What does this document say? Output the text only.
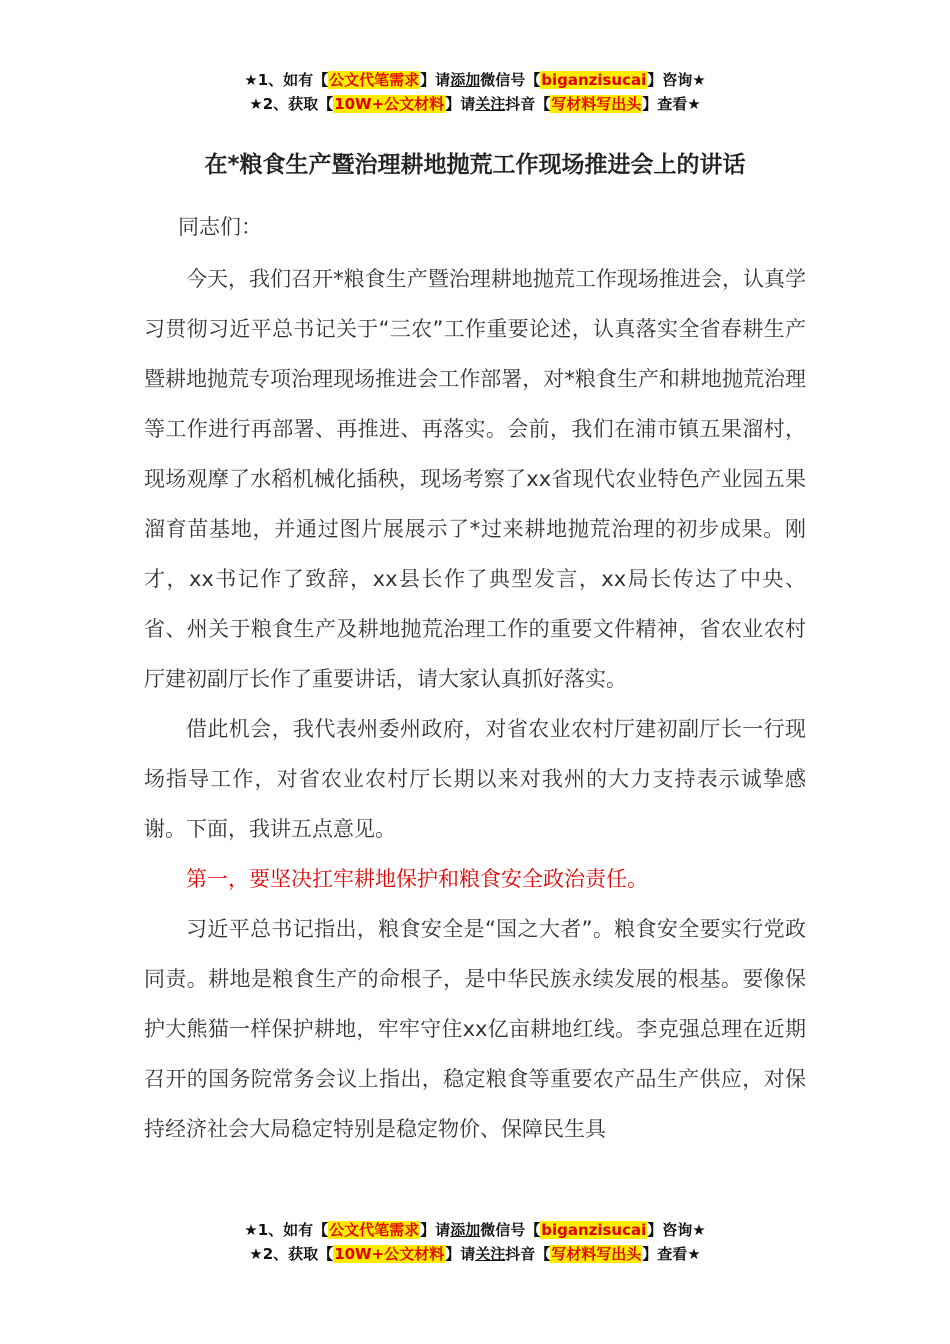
★1、如有【公文代笔需求】请添加微信号【biganzisucai】咨询★
★2、获取【10W+公文材料】请关注抖音【写材料写出头】查看★
在*粮食生产暨治理耕地抛荒工作现场推进会上的讲话
同志们：

今天，我们召开*粮食生产暨治理耕地抛荒工作现场推进会，认真学习贯彻习近平总书记关于“三农”工作重要论述，认真落实全省春耕生产暨耕地抛荒专项治理现场推进会工作部署，对*粮食生产和耕地抛荒治理等工作进行再部署、再推进、再落实。会前，我们在浦市镇五果溜村，现场观摩了水稻机械化插秧，现场考察了xx省现代农业特色产业园五果溜育苗基地，并通过图片展展示了*过来耕地抛荒治理的初步成果。刚才，xx书记作了致辞，xx县长作了典型发言，xx局长传达了中央、省、州关于粮食生产及耕地抛荒治理工作的重要文件精神，省农业农村厅建初副厅长作了重要讲话，请大家认真抓好落实。

借此机会，我代表州委州政府，对省农业农村厅建初副厅长一行现场指导工作，对省农业农村厅长期以来对我州的大力支持表示诚挚感谢。下面，我讲五点意见。

第一，要坚决扛牢耕地保护和粮食安全政治责任。

习近平总书记指出，粮食安全是“国之大者”。粮食安全要实行党政同责。耕地是粮食生产的命根子，是中华民族永续发展的根基。要像保护大熊猫一样保护耕地，牢牢守住xx亿亩耕地红线。李克强总理在近期召开的国务院常务会议上指出，稳定粮食等重要农产品生产供应，对保持经济社会大局稳定特别是稳定物价、保障民生具

★1、如有【公文代笔需求】请添加微信号【biganzisucai】咨询★
★2、获取【10W+公文材料】请关注抖音【写材料写出头】查看★
